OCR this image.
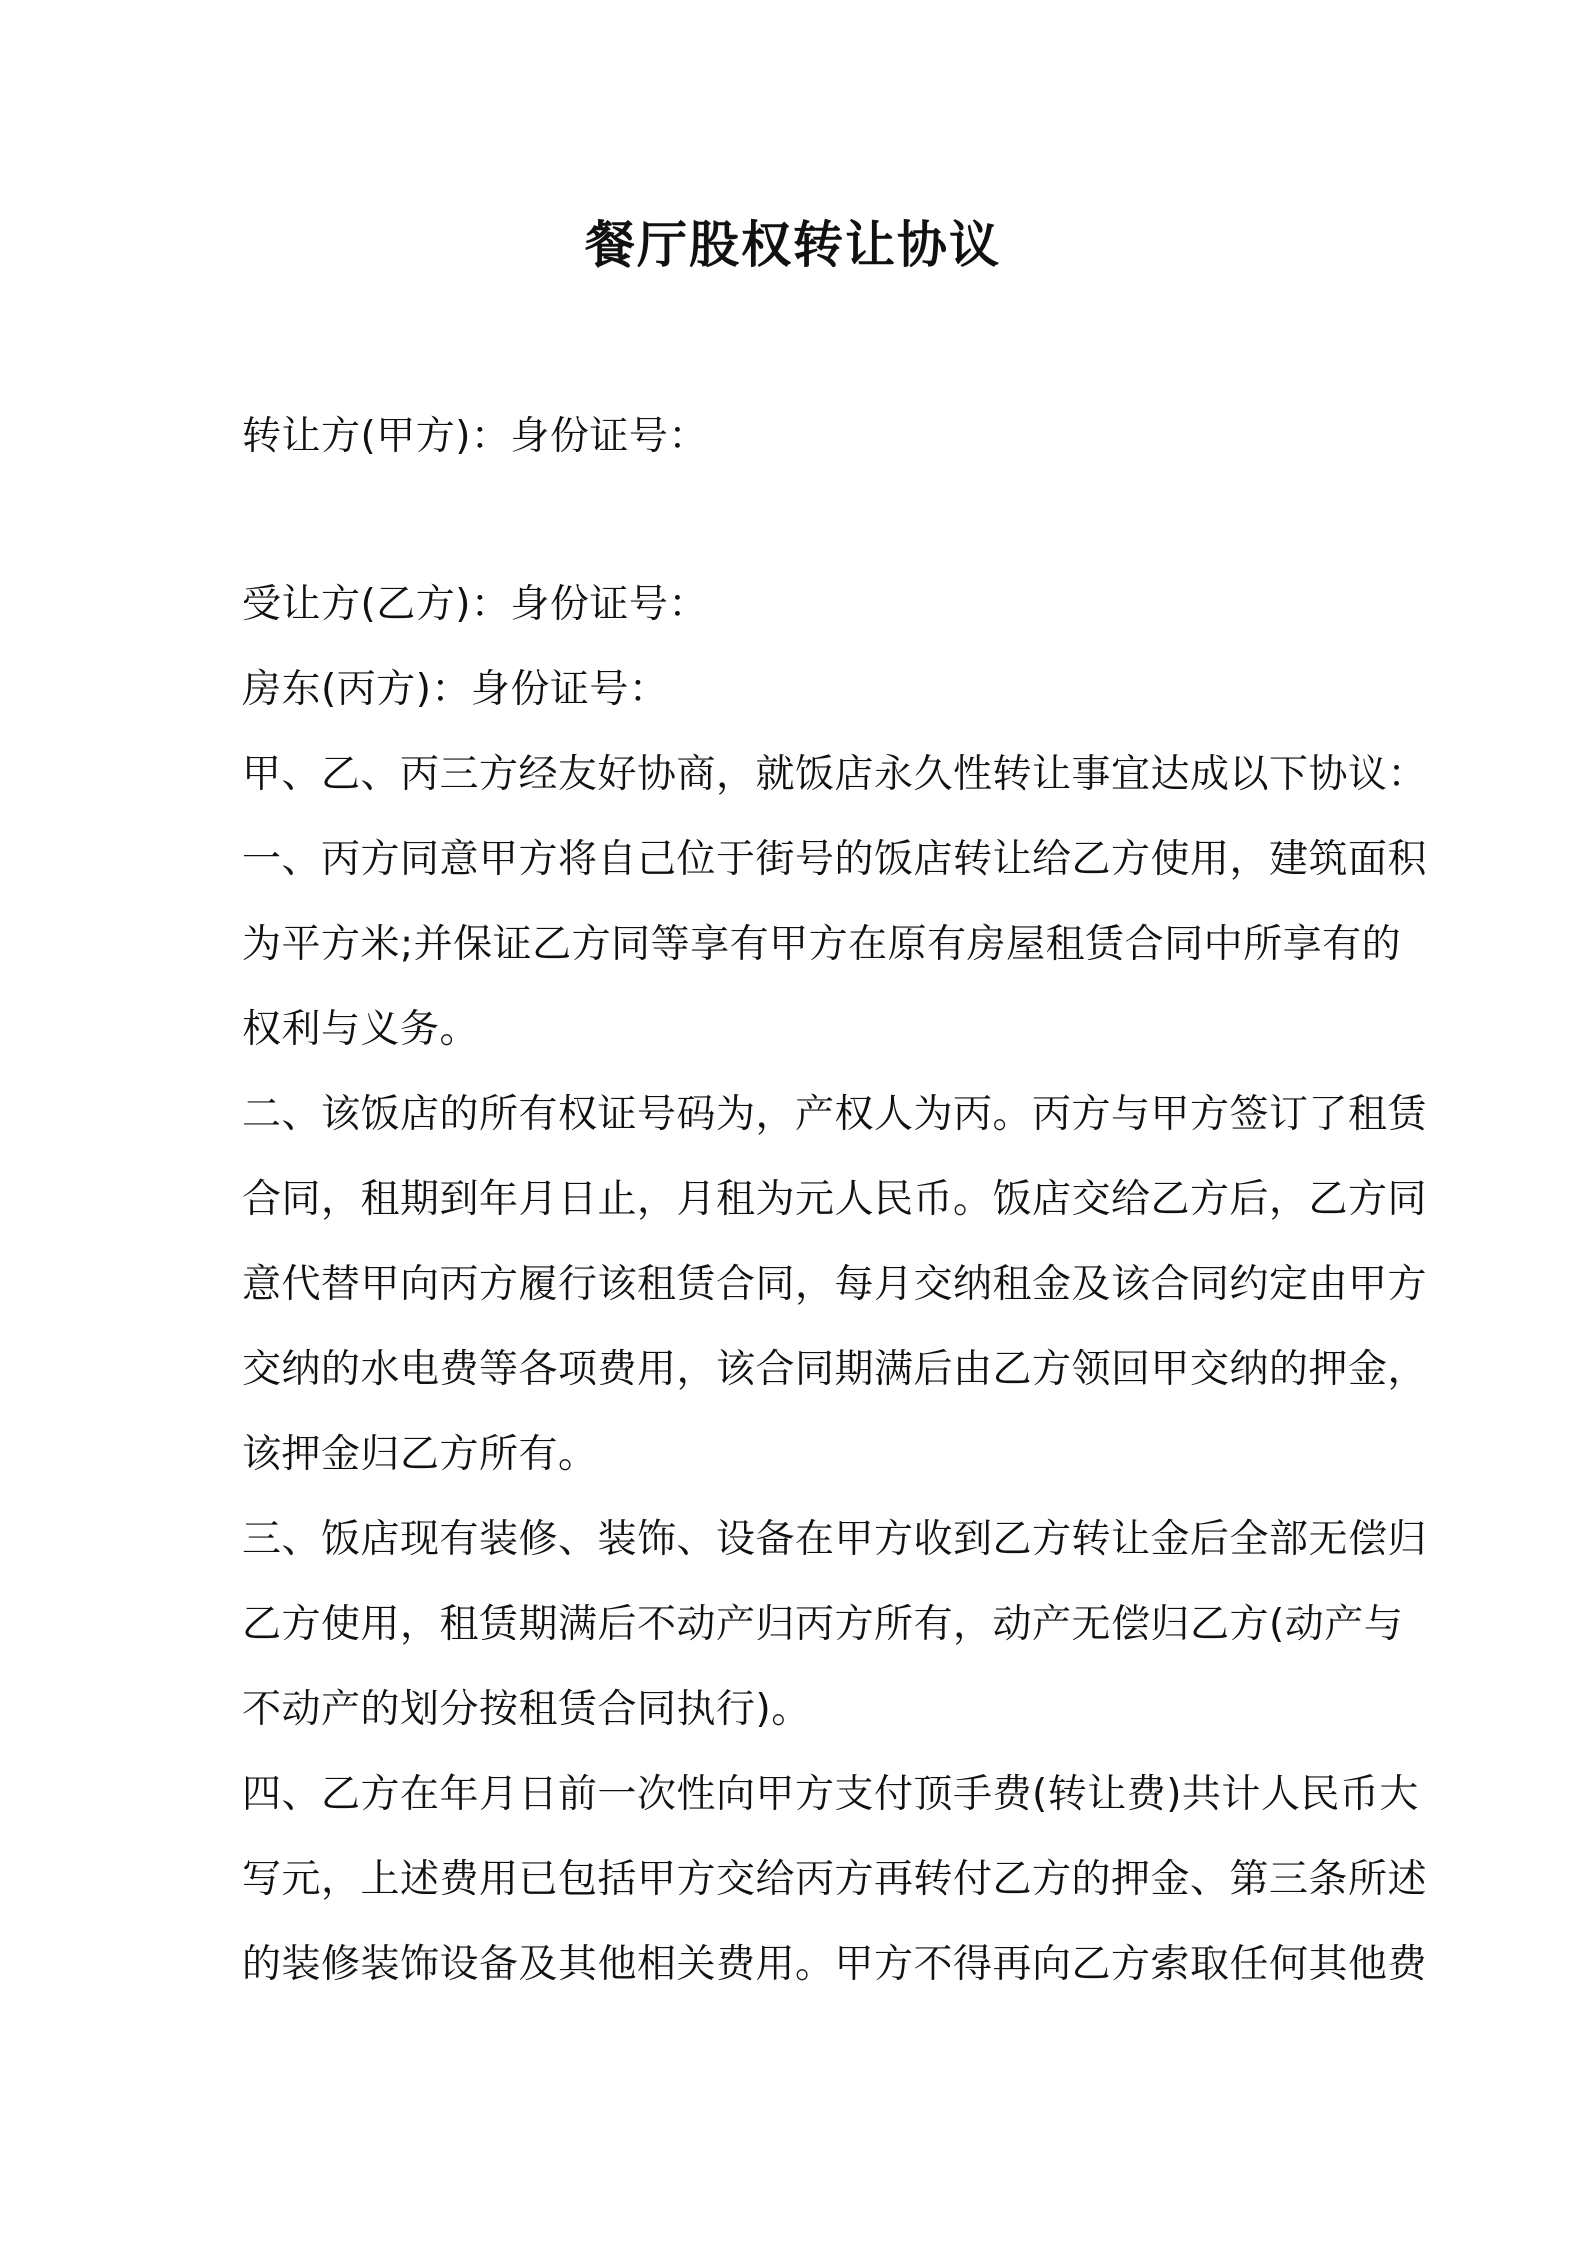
餐厅股权转让协议
转让方(甲方)：身份证号：
受让方(乙方)：身份证号：
房东(丙方)：身份证号：
甲、乙、丙三方经友好协商，就饭店永久性转让事宜达成以下协议：
一、丙方同意甲方将自己位于街号的饭店转让给乙方使用，建筑面积
为平方米;并保证乙方同等享有甲方在原有房屋租赁合同中所享有的
权利与义务。
二、该饭店的所有权证号码为，产权人为丙。丙方与甲方签订了租赁
合同，租期到年月日止，月租为元人民币。饭店交给乙方后，乙方同
意代替甲向丙方履行该租赁合同，每月交纳租金及该合同约定由甲方
交纳的水电费等各项费用，该合同期满后由乙方领回甲交纳的押金，
该押金归乙方所有。
三、饭店现有装修、装饰、设备在甲方收到乙方转让金后全部无偿归
乙方使用，租赁期满后不动产归丙方所有，动产无偿归乙方(动产与
不动产的划分按租赁合同执行)。
四、乙方在年月日前一次性向甲方支付顶手费(转让费)共计人民币大
写元，上述费用已包括甲方交给丙方再转付乙方的押金、第三条所述
的装修装饰设备及其他相关费用。甲方不得再向乙方索取任何其他费
